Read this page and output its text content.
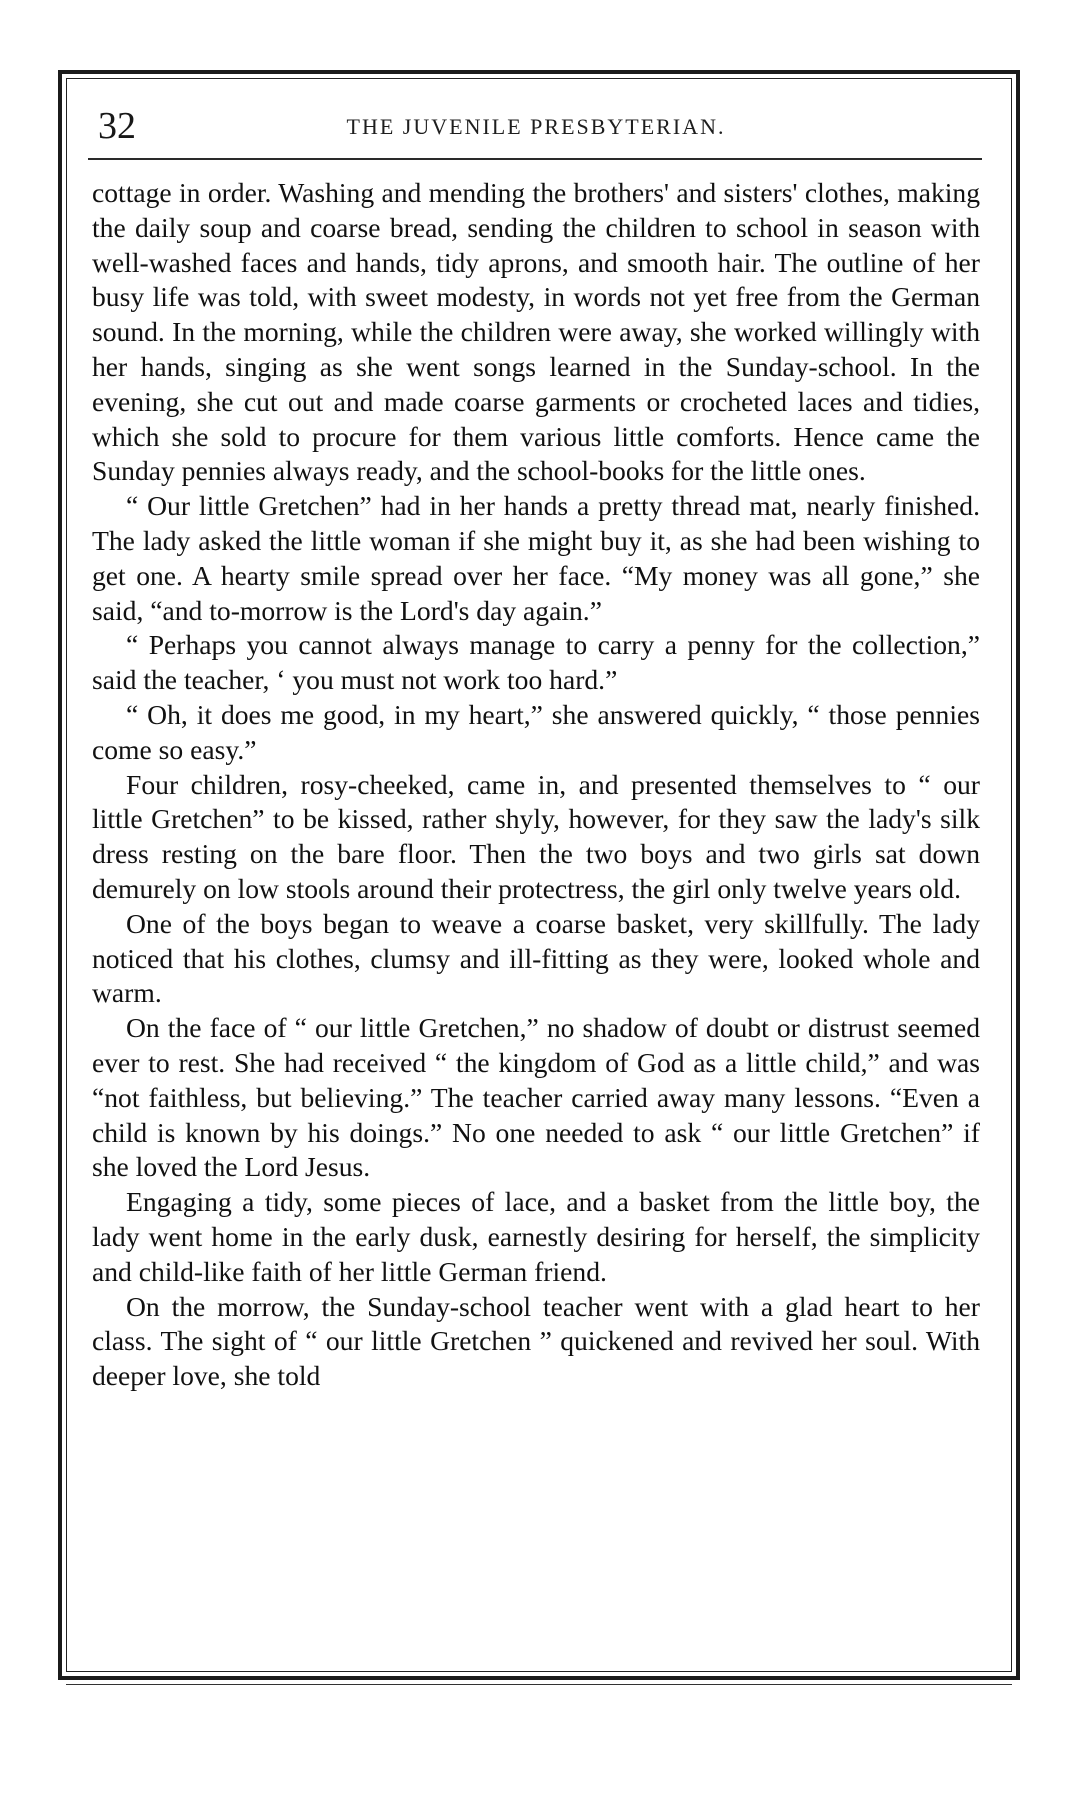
32	THE JUVENILE PRESBYTERIAN.

cottage in order. Washing and mending the brothers' and sisters' clothes, making the daily soup and coarse bread, sending the children to school in season with well-washed faces and hands, tidy aprons, and smooth hair. The outline of her busy life was told, with sweet modesty, in words not yet free from the German sound. In the morning, while the children were away, she worked willingly with her hands, singing as she went songs learned in the Sunday-school. In the evening, she cut out and made coarse garments or crocheted laces and tidies, which she sold to procure for them various little comforts. Hence came the Sunday pennies always ready, and the school-books for the little ones.

“ Our little Gretchen” had in her hands a pretty thread mat, nearly finished. The lady asked the little woman if she might buy it, as she had been wishing to get one. A hearty smile spread over her face. “My money was all gone,” she said, “and to-morrow is the Lord's day again.”

“ Perhaps you cannot always manage to carry a penny for the collection,” said the teacher, ‘ you must not work too hard.”

“ Oh, it does me good, in my heart,” she answered quickly, “ those pennies come so easy.”

Four children, rosy-cheeked, came in, and presented themselves to “ our little Gretchen” to be kissed, rather shyly, however, for they saw the lady's silk dress resting on the bare floor. Then the two boys and two girls sat down demurely on low stools around their protectress, the girl only twelve years old.

One of the boys began to weave a coarse basket, very skillfully. The lady noticed that his clothes, clumsy and ill-fitting as they were, looked whole and warm.

On the face of “ our little Gretchen,” no shadow of doubt or distrust seemed ever to rest. She had received “ the kingdom of God as a little child,” and was “not faithless, but believing.” The teacher carried away many lessons. “Even a child is known by his doings.” No one needed to ask “ our little Gretchen” if she loved the Lord Jesus.

Engaging a tidy, some pieces of lace, and a basket from the little boy, the lady went home in the early dusk, earnestly desiring for herself, the simplicity and child-like faith of her little German friend.

On the morrow, the Sunday-school teacher went with a glad heart to her class. The sight of “ our little Gretchen ” quickened and revived her soul. With deeper love, she told
